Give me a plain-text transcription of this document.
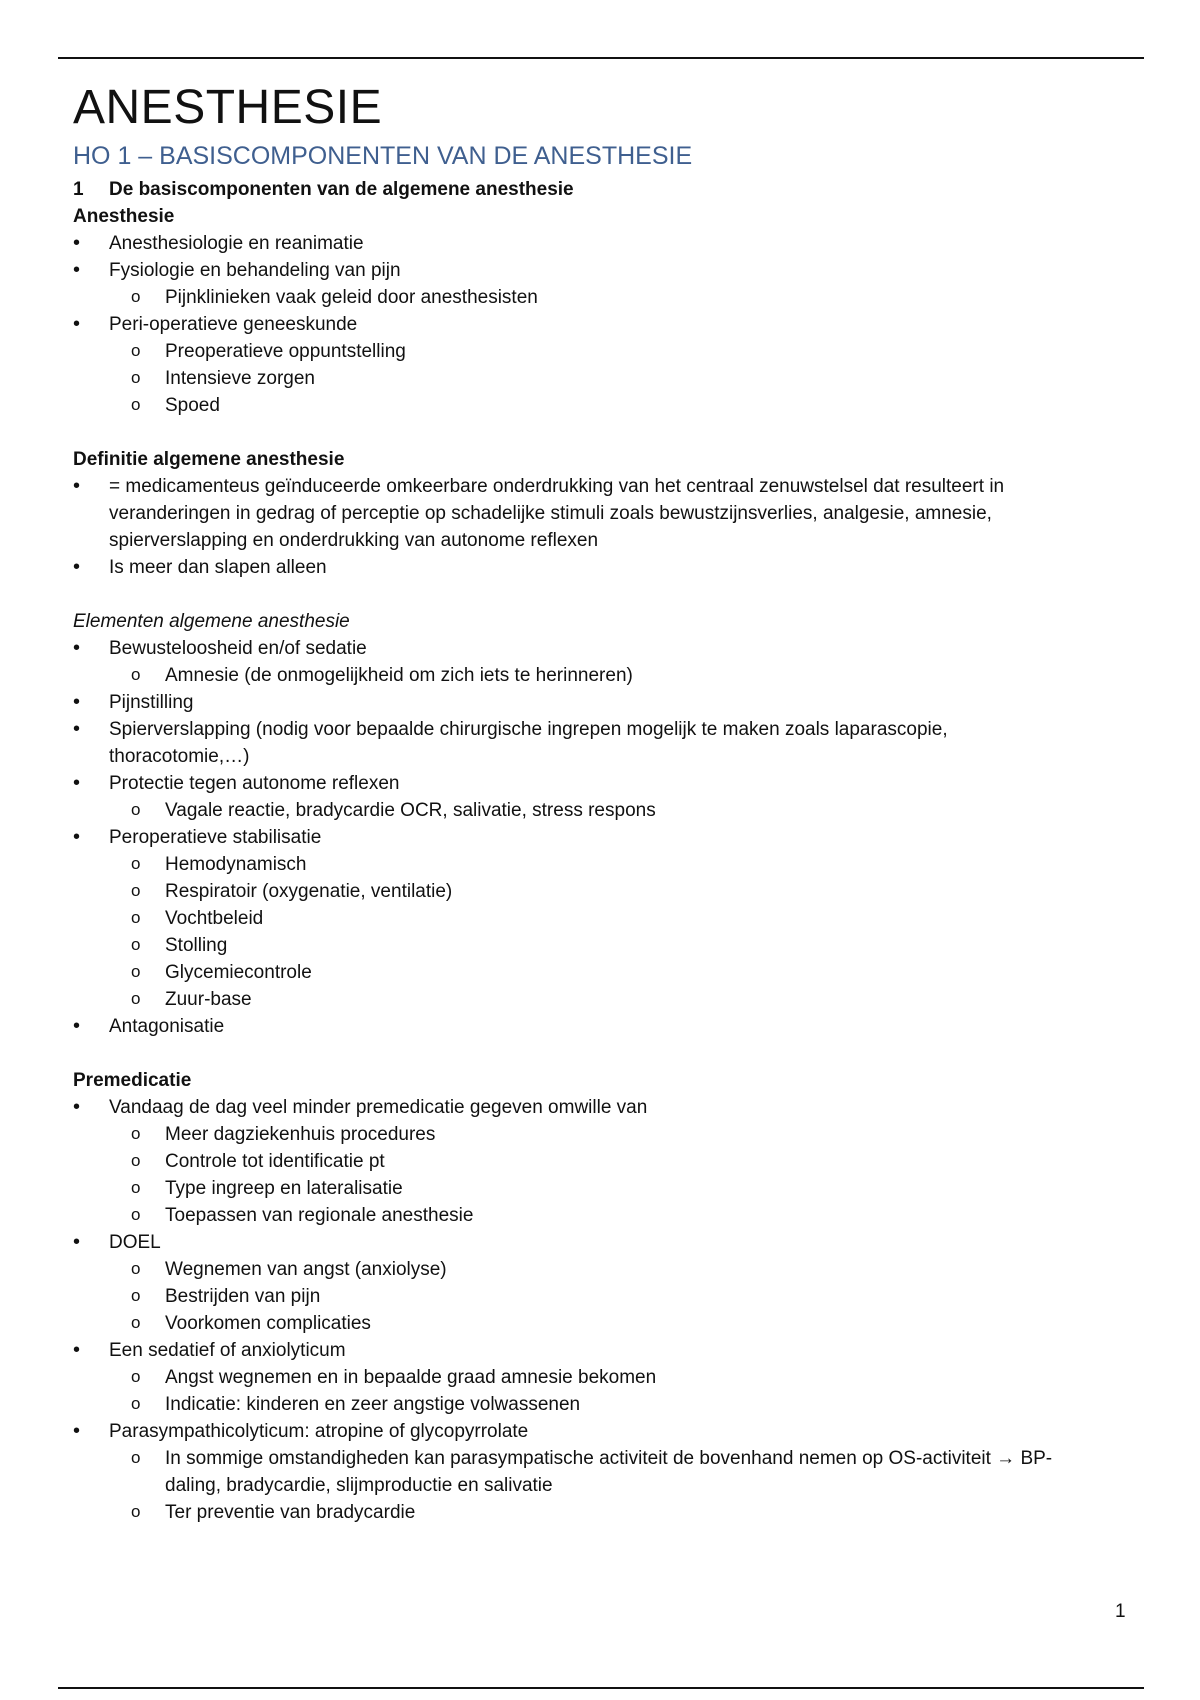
ANESTHESIE
HO 1 – BASISCOMPONENTEN VAN DE ANESTHESIE
1	De basiscomponenten van de algemene anesthesie

Anesthesie

• Anesthesiologie en reanimatie
• Fysiologie en behandeling van pijn
o Pijnklinieken vaak geleid door anesthesisten
• Peri-operatieve geneeskunde
o Preoperatieve oppuntstelling
o Intensieve zorgen
o Spoed

Definitie algemene anesthesie

• = medicamenteus geïnduceerde omkeerbare onderdrukking van het centraal zenuwstelsel dat resulteert in
veranderingen in gedrag of perceptie op schadelijke stimuli zoals bewustzijnsverlies, analgesie, amnesie,
spierverslapping en onderdrukking van autonome reflexen
• Is meer dan slapen alleen

Elementen algemene anesthesie

• Bewusteloosheid en/of sedatie
o Amnesie (de onmogelijkheid om zich iets te herinneren)
• Pijnstilling
• Spierverslapping (nodig voor bepaalde chirurgische ingrepen mogelijk te maken zoals laparascopie,
thoracotomie,…)
• Protectie tegen autonome reflexen
o Vagale reactie, bradycardie OCR, salivatie, stress respons
• Peroperatieve stabilisatie
o Hemodynamisch
o Respiratoir (oxygenatie, ventilatie)
o Vochtbeleid
o Stolling
o Glycemiecontrole
o Zuur-base
• Antagonisatie

Premedicatie

• Vandaag de dag veel minder premedicatie gegeven omwille van
o Meer dagziekenhuis procedures
o Controle tot identificatie pt
o Type ingreep en lateralisatie
o Toepassen van regionale anesthesie
• DOEL
o Wegnemen van angst (anxiolyse)
o Bestrijden van pijn
o Voorkomen complicaties
• Een sedatief of anxiolyticum
o Angst wegnemen en in bepaalde graad amnesie bekomen
o Indicatie: kinderen en zeer angstige volwassenen
• Parasympathicolyticum: atropine of glycopyrrolate
o In sommige omstandigheden kan parasympatische activiteit de bovenhand nemen op OS-activiteit → BP-
daling, bradycardie, slijmproductie en salivatie
o Ter preventie van bradycardie
1
